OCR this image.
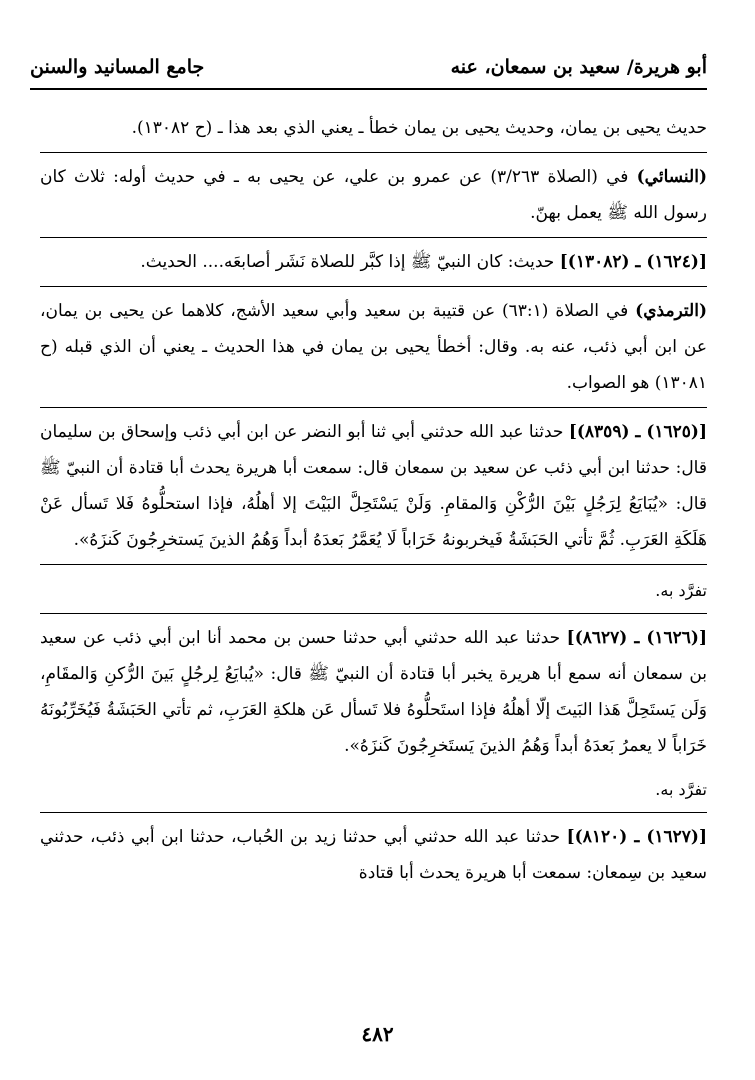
أبو هريرة/ سعيد بن سمعان، عنه
جامع المسانيد والسنن

حديث يحيى بن يمان، وحديث يحيى بن يمان خطأ ـ يعني الذي بعد هذا ـ (ح ١٣٠٨٢).

(النسائي) في (الصلاة ٣/٢٦٣) عن عمرو بن علي، عن يحيى به ـ في حديث أوله: ثلاث كان رسول الله ﷺ يعمل بهنّ.

[(١٦٢٤) ـ (١٣٠٨٢)] حديث: كان النبيّ ﷺ إذا كبَّر للصلاة نَشَر أصابعَه.... الحديث.

(الترمذي) في الصلاة (٦٣:١) عن قتيبة بن سعيد وأبي سعيد الأشج، كلاهما عن يحيى بن يمان، عن ابن أبي ذئب، عنه به. وقال: أخطأ يحيى بن يمان في هذا الحديث ـ يعني أن الذي قبله (ح ١٣٠٨١) هو الصواب.

[(١٦٢٥) ـ (٨٣٥٩)] حدثنا عبد الله حدثني أبي ثنا أبو النضر عن ابن أبي ذئب وإسحاق بن سليمان قال: حدثنا ابن أبي ذئب عن سعيد بن سمعان قال: سمعت أبا هريرة يحدث أبا قتادة أن النبيّ ﷺ قال: «يُبَايَعُ لِرَجُلٍ بَيْنَ الرُّكْنِ وَالمقامِ. وَلَنْ يَسْتَحِلَّ البَيْتَ إلا أهلُهُ، فإذا استحلُّوهُ فَلا تَسأل عَنْ هَلَكَةِ العَرَبِ. ثُمَّ تأتي الحَبَشَةُ فَيخربونهُ خَرَاباً لَا يُعَمَّرُ بَعدَهُ أبداً وَهُمُ الذينَ يَستخرِجُونَ كَنزَهُ».

تفرَّد به.

[(١٦٢٦) ـ (٨٦٢٧)] حدثنا عبد الله حدثني أبي حدثنا حسن بن محمد أنا ابن أبي ذئب عن سعيد بن سمعان أنه سمع أبا هريرة يخبر أبا قتادة أن النبيّ ﷺ قال: «يُبايَعُ لِرجُلٍ بَينَ الرُّكنِ وَالمقَامِ، وَلَن يَستَحِلَّ هَذا البَيتَ إلّا أهلُهُ فإذا استَحلُّوهُ فلا تَسأل عَن هلكةِ العَرَبِ، ثم تأتي الحَبَشَةُ فَيُخَرِّبُونَهُ خَرَاباً لا يعمرُ بَعدَهُ أبداً وَهُمُ الذينَ يَستَخرِجُونَ كَنزَهُ».

تفرَّد به.

[(١٦٢٧) ـ (٨١٢٠)] حدثنا عبد الله حدثني أبي حدثنا زيد بن الحُباب، حدثنا ابن أبي ذئب، حدثني سعيد بن سِمعان: سمعت أبا هريرة يحدث أبا قتادة

٤٨٢
